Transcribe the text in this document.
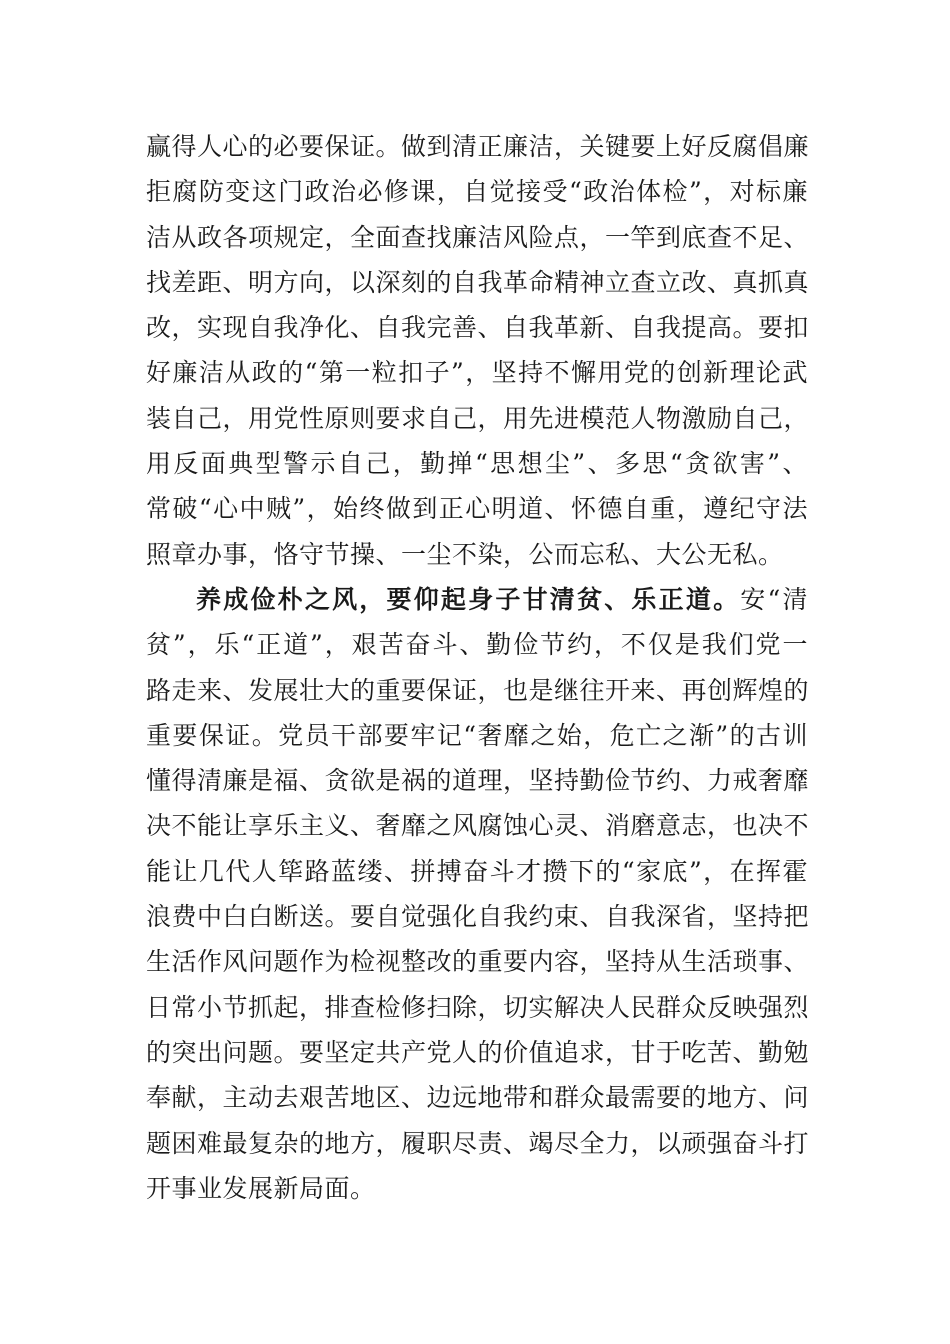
赢得人心的必要保证。做到清正廉洁，关键要上好反腐倡廉
拒腐防变这门政治必修课，自觉接受“政治体检”，对标廉
洁从政各项规定，全面查找廉洁风险点，一竿到底查不足、
找差距、明方向，以深刻的自我革命精神立查立改、真抓真
改，实现自我净化、自我完善、自我革新、自我提高。要扣
好廉洁从政的“第一粒扣子”，坚持不懈用党的创新理论武
装自己，用党性原则要求自己，用先进模范人物激励自己，
用反面典型警示自己，勤掸“思想尘”、多思“贪欲害”、
常破“心中贼”，始终做到正心明道、怀德自重，遵纪守法
照章办事，恪守节操、一尘不染，公而忘私、大公无私。
养成俭朴之风，要仰起身子甘清贫、乐正道。安“清
贫”，乐“正道”，艰苦奋斗、勤俭节约，不仅是我们党一
路走来、发展壮大的重要保证，也是继往开来、再创辉煌的
重要保证。党员干部要牢记“奢靡之始，危亡之渐”的古训
懂得清廉是福、贪欲是祸的道理，坚持勤俭节约、力戒奢靡
决不能让享乐主义、奢靡之风腐蚀心灵、消磨意志，也决不
能让几代人筚路蓝缕、拼搏奋斗才攒下的“家底”，在挥霍
浪费中白白断送。要自觉强化自我约束、自我深省，坚持把
生活作风问题作为检视整改的重要内容，坚持从生活琐事、
日常小节抓起，排查检修扫除，切实解决人民群众反映强烈
的突出问题。要坚定共产党人的价值追求，甘于吃苦、勤勉
奉献，主动去艰苦地区、边远地带和群众最需要的地方、问
题困难最复杂的地方，履职尽责、竭尽全力，以顽强奋斗打
开事业发展新局面。
